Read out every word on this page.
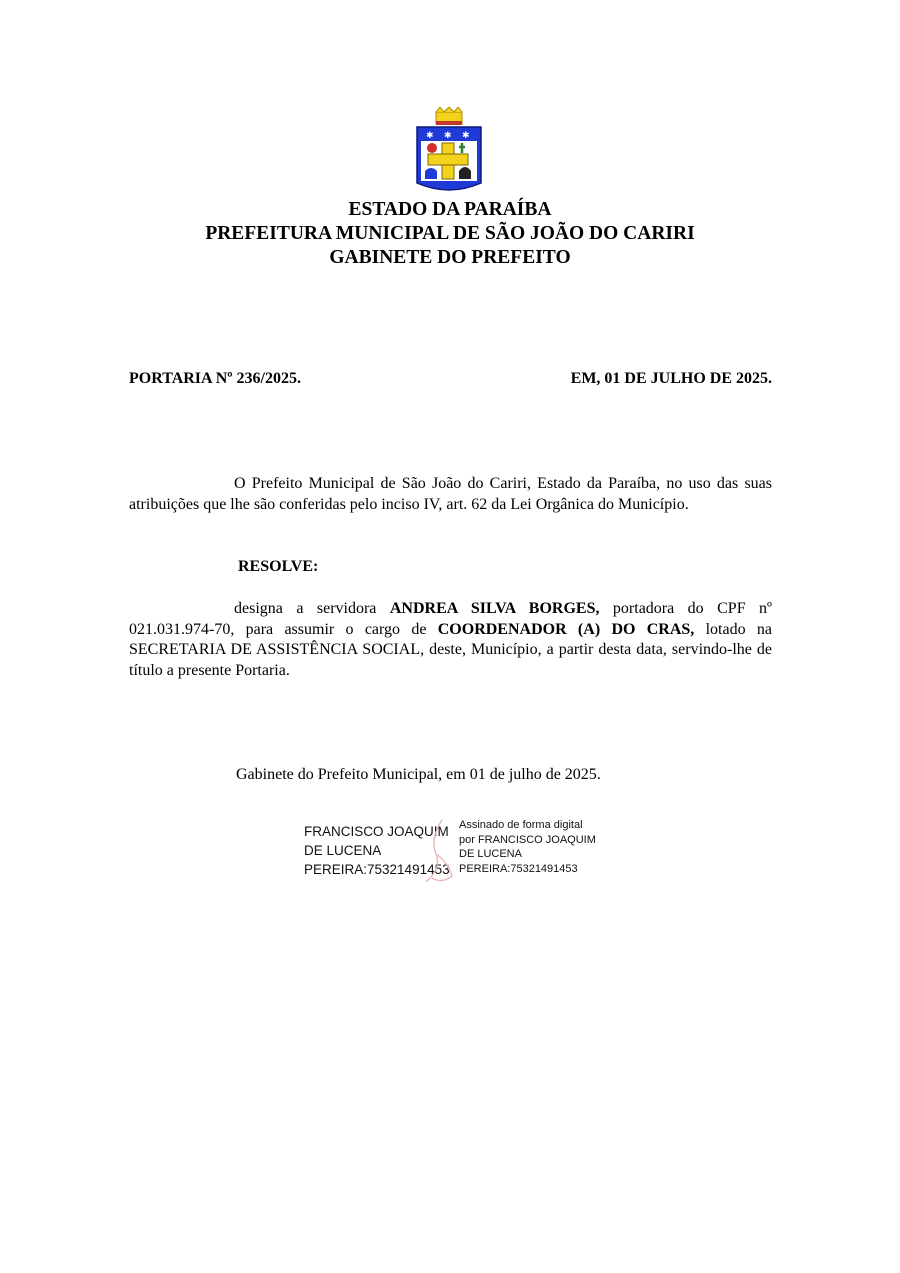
✱ ✱ ✱
ESTADO DA PARAÍBA
PREFEITURA MUNICIPAL DE SÃO JOÃO DO CARIRI
GABINETE DO PREFEITO
PORTARIA Nº 236/2025.	EM, 01 DE JULHO DE 2025.
O Prefeito Municipal de São João do Cariri, Estado da Paraíba, no uso das suas atribuições que lhe são conferidas pelo inciso IV, art. 62 da Lei Orgânica do Município.
RESOLVE:
designa a servidora ANDREA SILVA BORGES, portadora do CPF nº 021.031.974-70, para assumir o cargo de COORDENADOR (A) DO CRAS, lotado na SECRETARIA DE ASSISTÊNCIA SOCIAL, deste, Município, a partir desta data, servindo-lhe de título a presente Portaria.
Gabinete do Prefeito Municipal, em 01 de julho de 2025.
FRANCISCO JOAQUIM
DE LUCENA
PEREIRA:75321491453
Assinado de forma digital
por FRANCISCO JOAQUIM
DE LUCENA
PEREIRA:75321491453
